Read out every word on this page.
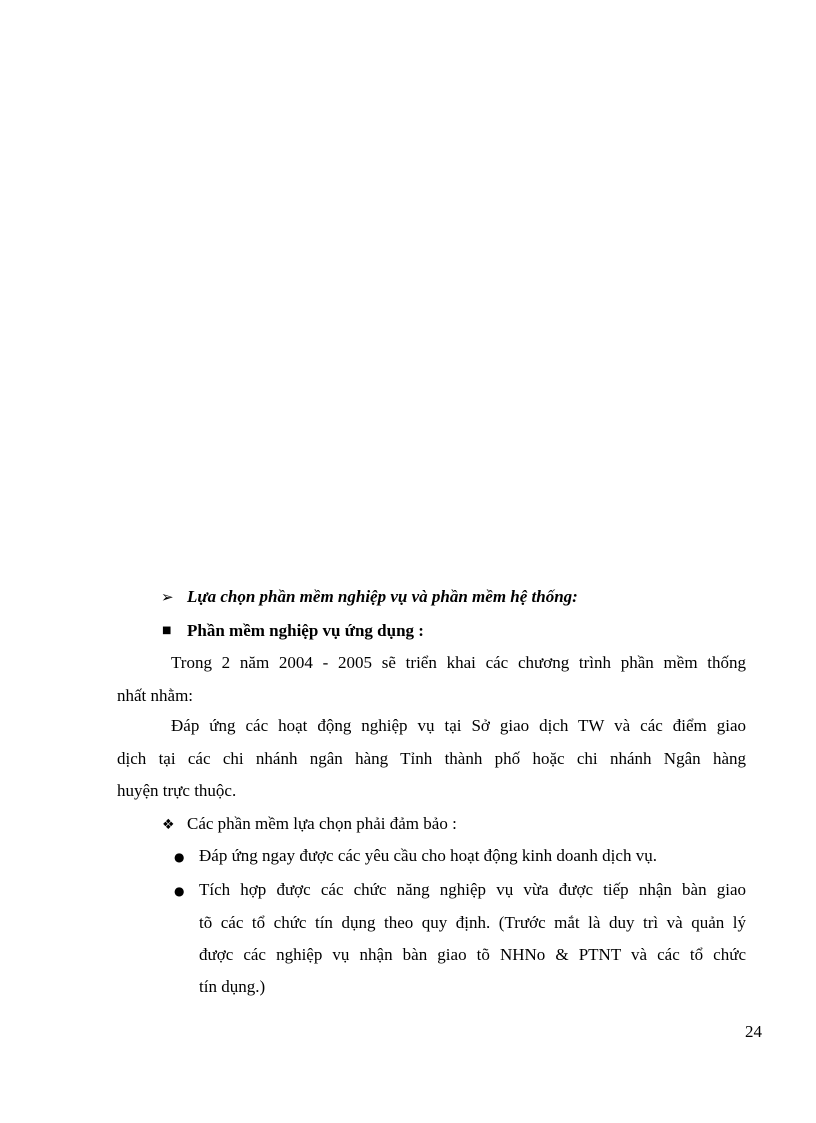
➢ Lựa chọn phần mềm nghiệp vụ và phần mềm hệ thống:
■ Phần mềm nghiệp vụ ứng dụng :
Trong 2 năm 2004 - 2005 sẽ triển khai các chương trình phần mềm thống
nhất nhằm:
Đáp ứng các hoạt động nghiệp vụ tại Sở giao dịch TW và các điểm giao
dịch tại các chi nhánh ngân hàng Tỉnh thành phố hoặc chi nhánh Ngân hàng
huyện trực thuộc.
❖ Các phần mềm lựa chọn phải đảm bảo :
● Đáp ứng ngay được các yêu cầu cho hoạt động kinh doanh dịch vụ.
● Tích hợp được các chức năng nghiệp vụ vừa được tiếp nhận bàn giao
tõ các tổ chức tín dụng theo quy định. (Trước mắt là duy trì và quản lý
được các nghiệp vụ nhận bàn giao tõ NHNo & PTNT và các tổ chức
tín dụng.)
24
